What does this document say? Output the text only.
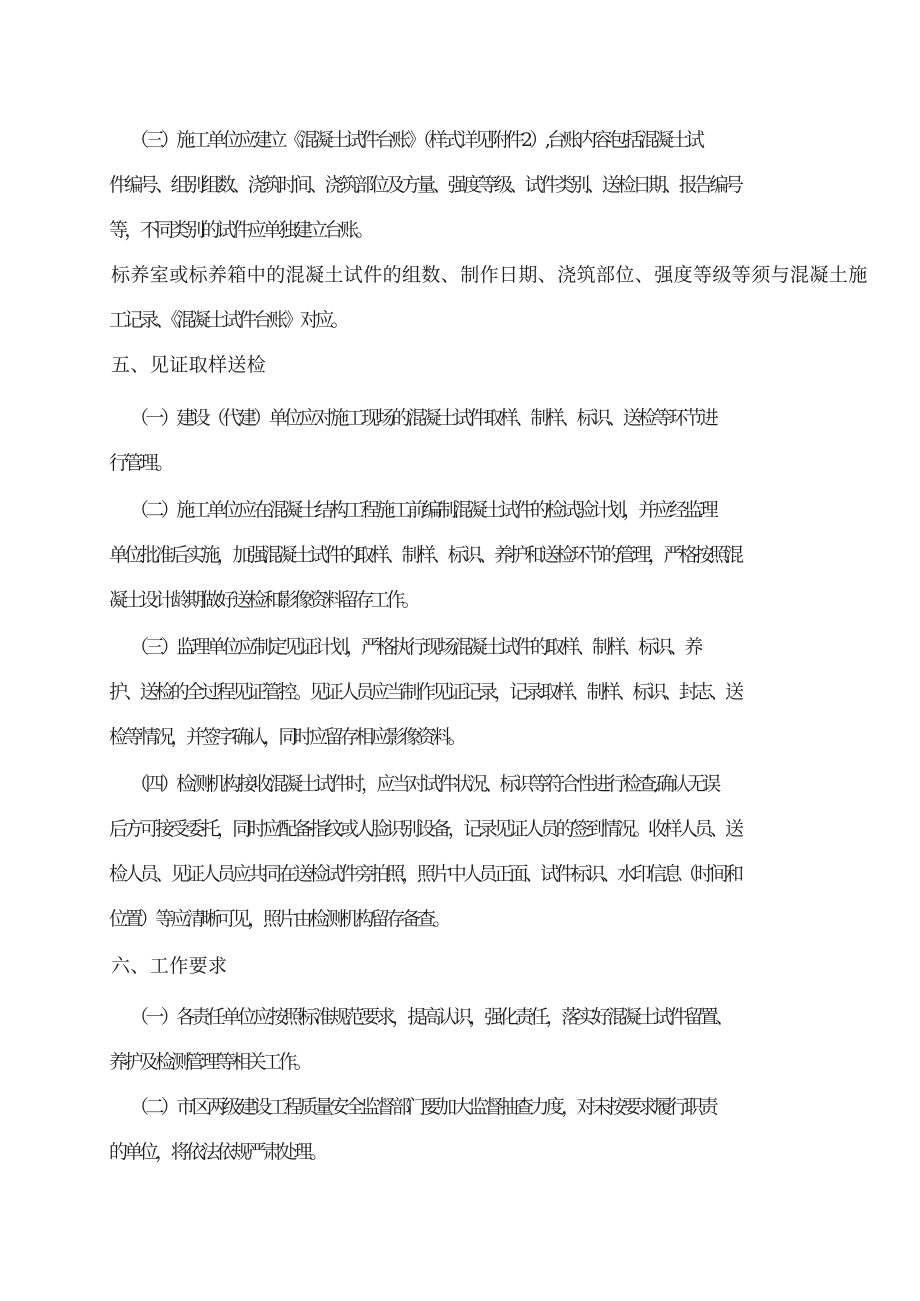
（三）施工单位应建立《混凝土试件台账》（样式详见附件2）,台账内容包括混凝土试
件编号、组别组数、浇筑时间、浇筑部位及方量、强度等级、试件类别、送检日期、报告编号
等，不同类别的试件应单独建立台账。

标养室或标养箱中的混凝土试件的组数、制作日期、浇筑部位、强度等级等须与混凝土施
工记录、《混凝土试件台账》对应。

五、见证取样送检

（一）建设（代建）单位应对施工现场的混凝土试件取样、制样、标识、送检等环节进
行管理。

（二）施工单位应在混凝土结构工程施工前编制混凝土试件的检试验计划，并应经监理
单位批准后实施，加强混凝土试件的取样、制样、标识、养护和送检环节的管理，严格按照混
凝土设计龄期做好送检和影像资料留存工作。

（三）监理单位应制定见证计划，严格执行现场混凝土试件的取样、制样、标识、养
护、送检的全过程见证管控。见证人员应当制作见证记录，记录取样、制样、标识、封志、送
检等情况，并签字确认，同时应留存相应影像资料。

（四）检测机构接收混凝土试件时，应当对试件状况、标识等符合性进行检查,确认无误
后方可接受委托，同时应配备指纹或人脸识别设备，记录见证人员的签到情况。收样人员、送
检人员、见证人员应共同在送检试件旁拍照，照片中人员正面、试件标识、水印信息（时间和
位置）等应清晰可见，照片由检测机构留存备查。

六、工作要求

（一）各责任单位应按照标准规范要求，提高认识，强化责任，落实好混凝土试件留置、
养护及检测管理等相关工作。

（二）市区两级建设工程质量安全监督部门要加大监督抽查力度，对未按要求履行职责
的单位，将依法依规严肃处理。
